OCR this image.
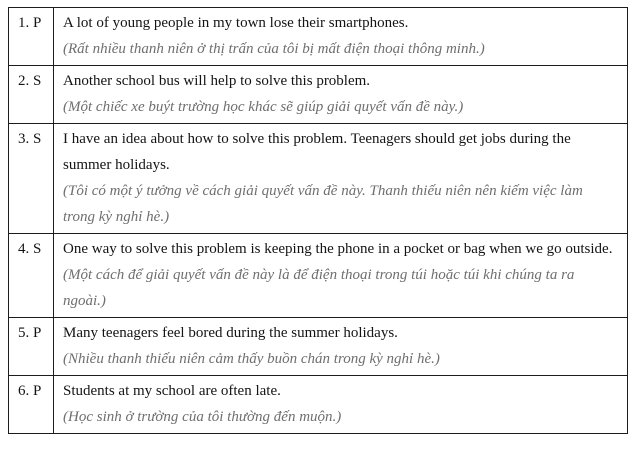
1. P	A lot of young people in my town lose their smartphones.
(Rất nhiều thanh niên ở thị trấn của tôi bị mất điện thoại thông minh.)

2. S	Another school bus will help to solve this problem.
(Một chiếc xe buýt trường học khác sẽ giúp giải quyết vấn đề này.)

3. S	I have an idea about how to solve this problem. Teenagers should get jobs during the summer holidays.
(Tôi có một ý tưởng về cách giải quyết vấn đề này. Thanh thiếu niên nên kiếm việc làm trong kỳ nghỉ hè.)

4. S	One way to solve this problem is keeping the phone in a pocket or bag when we go outside.
(Một cách để giải quyết vấn đề này là để điện thoại trong túi hoặc túi khi chúng ta ra ngoài.)

5. P	Many teenagers feel bored during the summer holidays.
(Nhiều thanh thiếu niên cảm thấy buồn chán trong kỳ nghỉ hè.)

6. P	Students at my school are often late.
(Học sinh ở trường của tôi thường đến muộn.)
